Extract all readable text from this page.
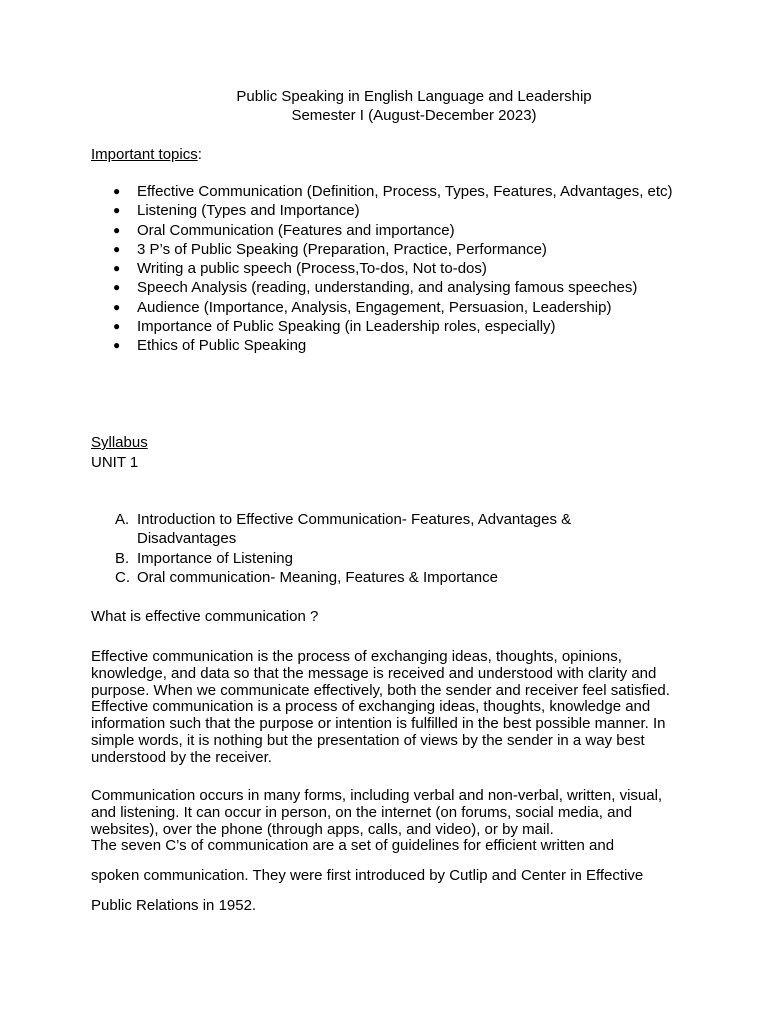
Public Speaking in English Language and Leadership
Semester I (August-December 2023)
Important topics:
● Effective Communication (Definition, Process, Types, Features, Advantages, etc)
● Listening (Types and Importance)
● Oral Communication (Features and importance)
● 3 P’s of Public Speaking (Preparation, Practice, Performance)
● Writing a public speech (Process,To-dos, Not to-dos)
● Speech Analysis (reading, understanding, and analysing famous speeches)
● Audience (Importance, Analysis, Engagement, Persuasion, Leadership)
● Importance of Public Speaking (in Leadership roles, especially)
● Ethics of Public Speaking
Syllabus
UNIT 1
A. Introduction to Effective Communication- Features, Advantages & Disadvantages
B. Importance of Listening
C. Oral communication- Meaning, Features & Importance
What is effective communication ?
Effective communication is the process of exchanging ideas, thoughts, opinions, knowledge, and data so that the message is received and understood with clarity and purpose. When we communicate effectively, both the sender and receiver feel satisfied. Effective communication is a process of exchanging ideas, thoughts, knowledge and information such that the purpose or intention is fulfilled in the best possible manner. In simple words, it is nothing but the presentation of views by the sender in a way best understood by the receiver.
Communication occurs in many forms, including verbal and non-verbal, written, visual, and listening. It can occur in person, on the internet (on forums, social media, and websites), over the phone (through apps, calls, and video), or by mail.
The seven C’s of communication are a set of guidelines for efficient written and
spoken communication. They were first introduced by Cutlip and Center in Effective
Public Relations in 1952.
